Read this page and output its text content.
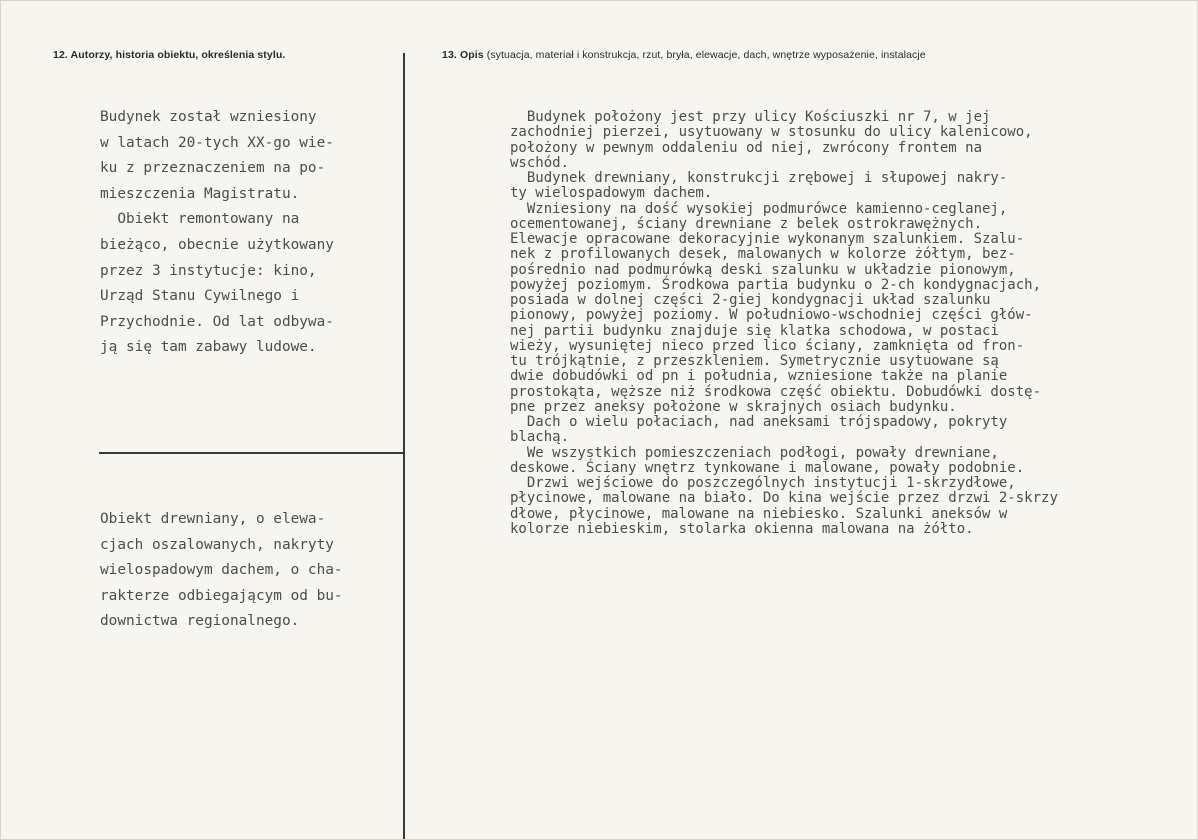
12. Autorzy, historia obiektu, określenia stylu.	13. Opis (sytuacja, materiał i konstrukcja, rzut, bryła, elewacje, dach, wnętrze wyposażenie, instalacje
Budynek został wzniesiony
w latach 20-tych XX-go wie-
ku z przeznaczeniem na po-
mieszczenia Magistratu.
Obiekt remontowany na
bieżąco, obecnie użytkowany
przez 3 instytucje: kino,
Urząd Stanu Cywilnego i
Przychodnie. Od lat odbywa-
ją się tam zabawy ludowe.
Obiekt drewniany, o elewa-
cjach oszalowanych, nakryty
wielospadowym dachem, o cha-
rakterze odbiegającym od bu-
downictwa regionalnego.
Budynek położony jest przy ulicy Kościuszki nr 7, w jej
zachodniej pierzei, usytuowany w stosunku do ulicy kalenicowo,
położony w pewnym oddaleniu od niej, zwrócony frontem na
wschód.
Budynek drewniany, konstrukcji zrębowej i słupowej nakry-
ty wielospadowym dachem.
Wzniesiony na dość wysokiej podmurówce kamienno-ceglanej,
ocementowanej, ściany drewniane z belek ostrokrawężnych.
Elewacje opracowane dekoracyjnie wykonanym szalunkiem. Szalu-
nek z profilowanych desek, malowanych w kolorze żółtym, bez-
pośrednio nad podmurówką deski szalunku w układzie pionowym,
powyżej poziomym. Środkowa partia budynku o 2-ch kondygnacjach,
posiada w dolnej części 2-giej kondygnacji układ szalunku
pionowy, powyżej poziomy. W południowo-wschodniej części głów-
nej partii budynku znajduje się klatka schodowa, w postaci
wieży, wysuniętej nieco przed lico ściany, zamknięta od fron-
tu trójkątnie, z przeszkleniem. Symetrycznie usytuowane są
dwie dobudówki od pn i południa, wzniesione także na planie
prostokąta, węższe niż środkowa część obiektu. Dobudówki dostę-
pne przez aneksy położone w skrajnych osiach budynku.
Dach o wielu połaciach, nad aneksami trójspadowy, pokryty
blachą.
We wszystkich pomieszczeniach podłogi, powały drewniane,
deskowe. Ściany wnętrz tynkowane i malowane, powały podobnie.
Drzwi wejściowe do poszczególnych instytucji 1-skrzydłowe,
płycinowe, malowane na biało. Do kina wejście przez drzwi 2-skrzy
dłowe, płycinowe, malowane na niebiesko. Szalunki aneksów w
kolorze niebieskim, stolarka okienna malowana na żółto.
